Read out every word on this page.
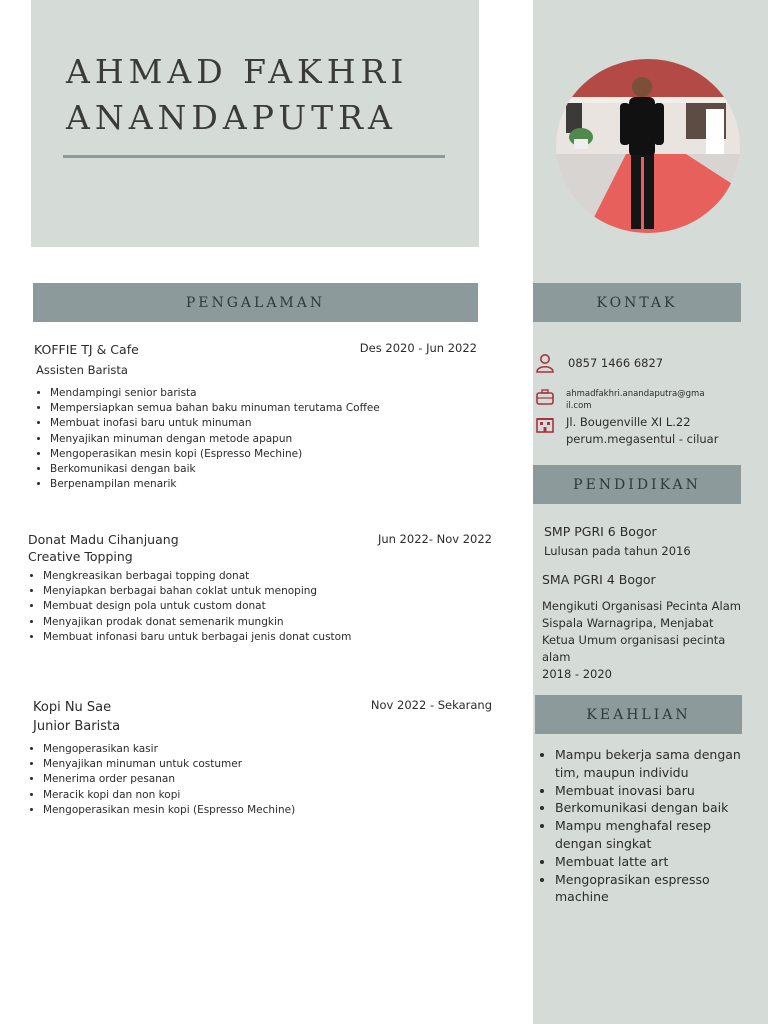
AHMAD FAKHRI
ANANDAPUTRA
PENGALAMAN	KONTAK
PENDIDIKAN
KEAHLIAN
KOFFIE TJ & Cafe	Des 2020 - Jun 2022
Assisten Barista
• Mendampingi senior barista
• Mempersiapkan semua bahan baku minuman terutama Coffee
• Membuat inofasi baru untuk minuman
• Menyajikan minuman dengan metode apapun
• Mengoperasikan mesin kopi (Espresso Mechine)
• Berkomunikasi dengan baik
• Berpenampilan menarik
Donat Madu Cihanjuang	Jun 2022- Nov 2022
Creative Topping
• Mengkreasikan berbagai topping donat
• Menyiapkan berbagai bahan coklat untuk menoping
• Membuat design pola untuk custom donat
• Menyajikan prodak donat semenarik mungkin
• Membuat infonasi baru untuk berbagai jenis donat custom
Kopi Nu Sae	Nov 2022 - Sekarang
Junior Barista
• Mengoperasikan kasir
• Menyajikan minuman untuk costumer
• Menerima order pesanan
• Meracik kopi dan non kopi
• Mengoperasikan mesin kopi (Espresso Mechine)
0857 1466 6827
ahmadfakhri.anandaputra@gma
il.com
Jl. Bougenville XI L.22
perum.megasentul - ciluar
SMP PGRI 6 Bogor
Lulusan pada tahun 2016
SMA PGRI 4 Bogor
Mengikuti Organisasi Pecinta Alam
Sispala Warnagripa, Menjabat
Ketua Umum organisasi pecinta
alam
2018 - 2020
• Mampu bekerja sama dengan tim, maupun individu
• Membuat inovasi baru
• Berkomunikasi dengan baik
• Mampu menghafal resep dengan singkat
• Membuat latte art
• Mengoprasikan espresso machine
